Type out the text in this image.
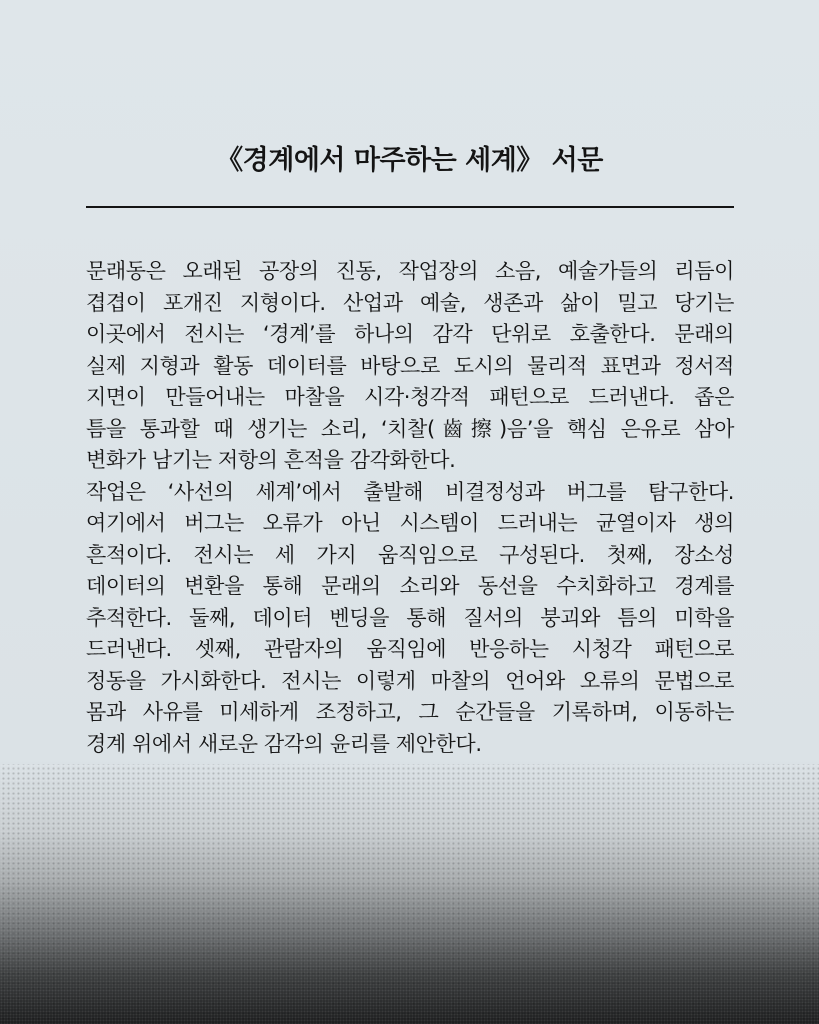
《경계에서 마주하는 세계》 서문
문래동은 오래된 공장의 진동, 작업장의 소음, 예술가들의 리듬이
겹겹이 포개진 지형이다. 산업과 예술, 생존과 삶이 밀고 당기는
이곳에서 전시는 ‘경계’를 하나의 감각 단위로 호출한다. 문래의
실제 지형과 활동 데이터를 바탕으로 도시의 물리적 표면과 정서적
지면이 만들어내는 마찰을 시각·청각적 패턴으로 드러낸다. 좁은
틈을 통과할 때 생기는 소리, ‘치찰(齒擦)음’을 핵심 은유로 삼아
변화가 남기는 저항의 흔적을 감각화한다.
작업은 ‘사선의 세계’에서 출발해 비결정성과 버그를 탐구한다.
여기에서 버그는 오류가 아닌 시스템이 드러내는 균열이자 생의
흔적이다. 전시는 세 가지 움직임으로 구성된다. 첫째, 장소성
데이터의 변환을 통해 문래의 소리와 동선을 수치화하고 경계를
추적한다. 둘째, 데이터 벤딩을 통해 질서의 붕괴와 틈의 미학을
드러낸다. 셋째, 관람자의 움직임에 반응하는 시청각 패턴으로
정동을 가시화한다. 전시는 이렇게 마찰의 언어와 오류의 문법으로
몸과 사유를 미세하게 조정하고, 그 순간들을 기록하며, 이동하는
경계 위에서 새로운 감각의 윤리를 제안한다.
